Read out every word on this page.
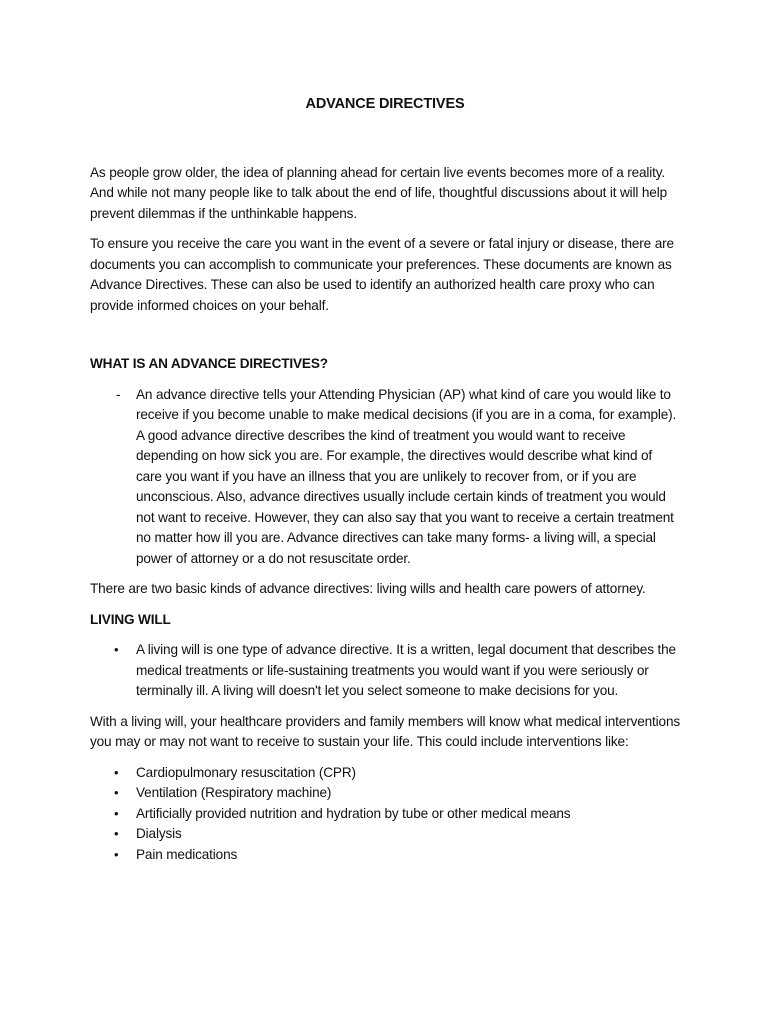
ADVANCE DIRECTIVES

As people grow older, the idea of planning ahead for certain live events becomes more of a reality. And while not many people like to talk about the end of life, thoughtful discussions about it will help prevent dilemmas if the unthinkable happens.

To ensure you receive the care you want in the event of a severe or fatal injury or disease, there are documents you can accomplish to communicate your preferences. These documents are known as Advance Directives. These can also be used to identify an authorized health care proxy who can provide informed choices on your behalf.

WHAT IS AN ADVANCE DIRECTIVES?
- An advance directive tells your Attending Physician (AP) what kind of care you would like to receive if you become unable to make medical decisions (if you are in a coma, for example). A good advance directive describes the kind of treatment you would want to receive depending on how sick you are. For example, the directives would describe what kind of care you want if you have an illness that you are unlikely to recover from, or if you are unconscious. Also, advance directives usually include certain kinds of treatment you would not want to receive. However, they can also say that you want to receive a certain treatment no matter how ill you are. Advance directives can take many forms- a living will, a special power of attorney or a do not resuscitate order.

There are two basic kinds of advance directives: living wills and health care powers of attorney.

LIVING WILL
• A living will is one type of advance directive. It is a written, legal document that describes the medical treatments or life-sustaining treatments you would want if you were seriously or terminally ill. A living will doesn't let you select someone to make decisions for you.

With a living will, your healthcare providers and family members will know what medical interventions you may or may not want to receive to sustain your life. This could include interventions like:

• Cardiopulmonary resuscitation (CPR)
• Ventilation (Respiratory machine)
• Artificially provided nutrition and hydration by tube or other medical means
• Dialysis
• Pain medications
